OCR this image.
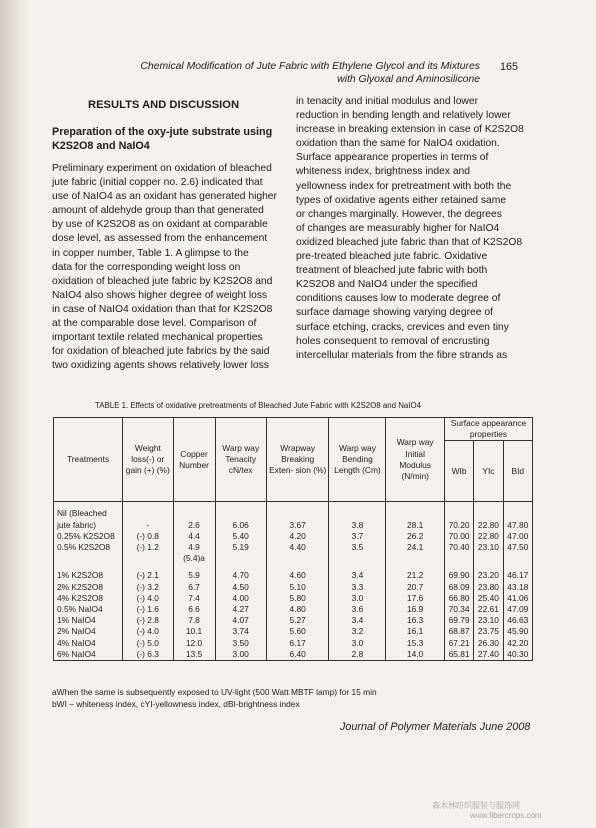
Chemical Modification of Jute Fabric with Ethylene Glycol and its Mixtures
with Glyoxal and Aminosilicone
165
RESULTS AND DISCUSSION
Preparation of the oxy-jute substrate using K2S2O8 and NaIO4
Preliminary experiment on oxidation of bleached
jute fabric (initial copper no. 2.6) indicated that
use of NaIO4 as an oxidant has generated higher
amount of aldehyde group than that generated
by use of K2S2O8 as on oxidant at comparable
dose level, as assessed from the enhancement
in copper number, Table 1. A glimpse to the
data for the corresponding weight loss on
oxidation of bleached jute fabric by K2S2O8 and
NaIO4 also shows higher degree of weight loss
in case of NaIO4 oxidation than that for K2S2O8
at the comparable dose level. Comparison of
important textile related mechanical properties
for oxidation of bleached jute fabrics by the said
two oxidizing agents shows relatively lower loss
in tenacity and initial modulus and lower
reduction in bending length and relatively lower
increase in breaking extension in case of K2S2O8
oxidation than the same for NaIO4 oxidation.
Surface appearance properties in terms of
whiteness index, brightness index and
yellowness index for pretreatment with both the
types of oxidative agents either retained same
or changes marginally. However, the degrees
of changes are measurably higher for NaIO4
oxidized bleached jute fabric than that of K2S2O8
pre-treated bleached jute fabric. Oxidative
treatment of bleached jute fabric with both
K2S2O8 and NaIO4 under the specified
conditions causes low to moderate degree of
surface damage showing varying degree of
surface etching, cracks, crevices and even tiny
holes consequent to removal of encrusting
intercellular materials from the fibre strands as
TABLE 1. Effects of oxidative pretreatments of Bleached Jute Fabric with K2S2O8 and NaIO4
Treatments	Weight loss(-) or gain (+) (%)	Copper Number	Warp way Tenacity cN/tex	Wrapway Breaking Exten- sion (%)	Warp way Bending Length (Cm)	Warp way Initial Modulus (N/min)	Surface appearance properties		
							WIb	YIc	BId
Nil (Bleached									
jute fabric)	-	2.6	6.06	3.67	3.8	28.1	70.20	22.80	47.80
0.25% K2S2O8	(-) 0.8	4.4	5.40	4.20	3.7	26.2	70.00	22.80	47.00
0.5% K2S2O8	(-) 1.2	4.9	5.19	4.40	3.5	24.1	70.40	23.10	47.50
		(5.4)a							
1% K2S2O8	(-) 2.1	5.9	4.70	4.60	3.4	21.2	69.90	23.20	46.17
2% K2S2O8	(-) 3.2	6.7	4.50	5.10	3.3	20.7	68.09	23.80	43.18
4% K2S2O8	(-) 4.0	7.4	4.00	5.80	3.0	17.6	66.80	25.40	41.06
0.5% NaIO4	(-) 1.6	6.6	4.27	4.80	3.6	16.9	70.34	22.61	47.09
1% NaIO4	(-) 2.8	7.8	4.07	5.27	3.4	16.3	69.79	23.10	46.63
2% NaIO4	(-) 4.0	10.1	3.74	5.60	3.2	16.1	68.87	23.75	45.90
4% NaIO4	(-) 5.0	12.0	3.50	6.17	3.0	15.3	67.21	26.30	42.20
6% NaIO4	(-) 6.3	13.5	3.00	6.40	2.8	14.0	65.81	27.40	40.30
aWhen the same is subsequently exposed to UV-light (500 Watt MBTF lamp) for 15 min
bWI – whiteness index, cYI-yellowness index, dBI-brightness index
Journal of Polymer Materials June 2008
森木林纺织服装与服饰网
www.fibercrops.com
